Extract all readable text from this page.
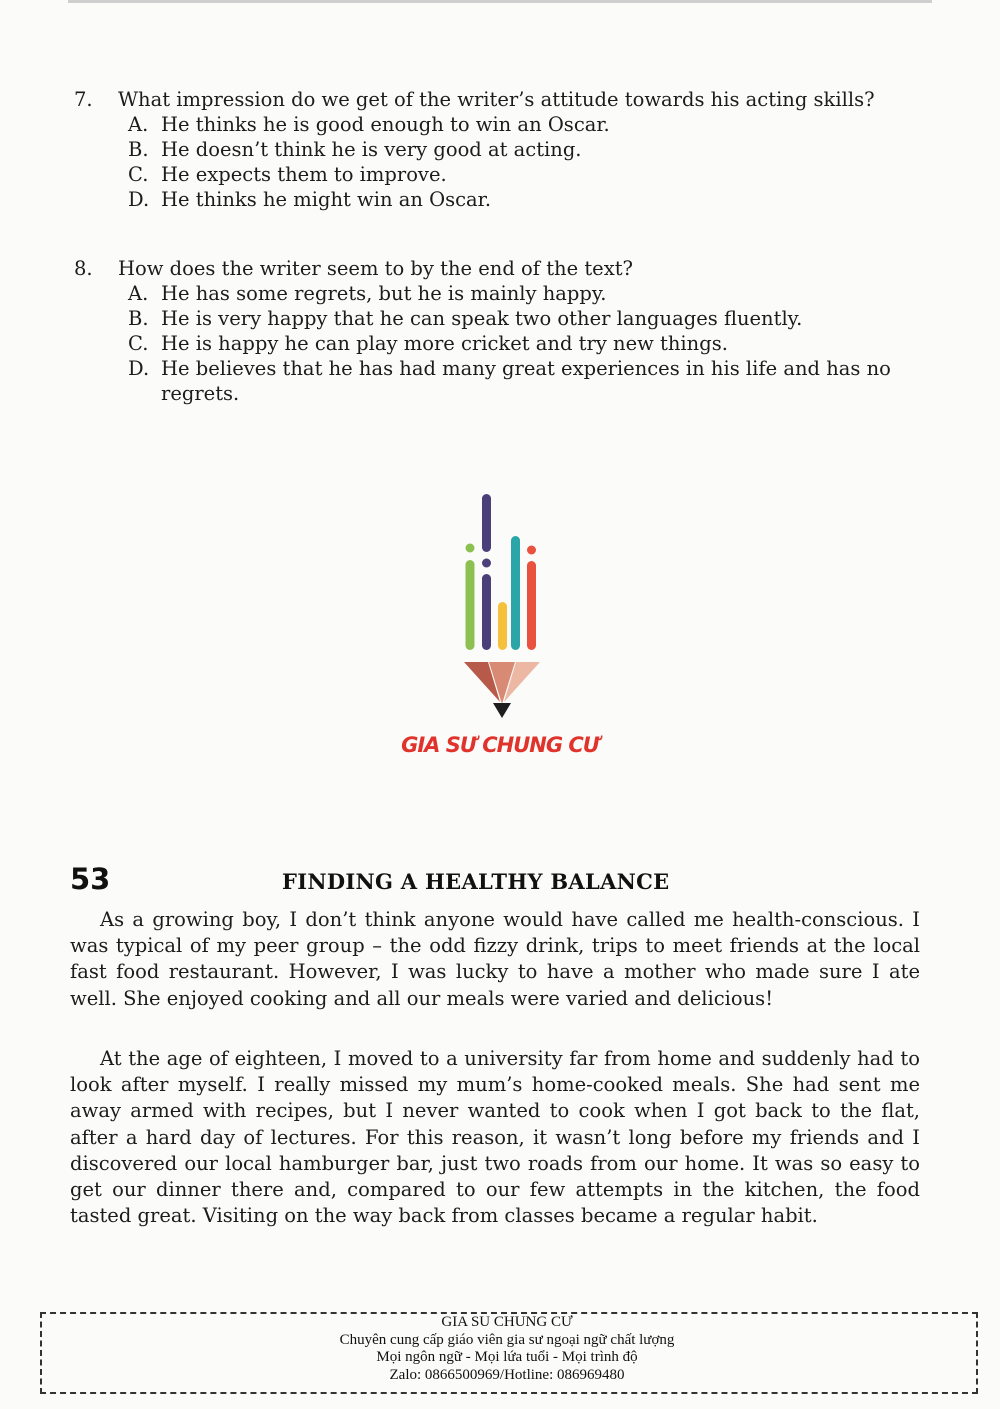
7. What impression do we get of the writer’s attitude towards his acting skills?
A. He thinks he is good enough to win an Oscar.
B. He doesn’t think he is very good at acting.
C. He expects them to improve.
D. He thinks he might win an Oscar.
8. How does the writer seem to by the end of the text?
A. He has some regrets, but he is mainly happy.
B. He is very happy that he can speak two other languages fluently.
C. He is happy he can play more cricket and try new things.
D. He believes that he has had many great experiences in his life and has no regrets.
GIA SƯ CHUNG CƯ
53	FINDING A HEALTHY BALANCE

As a growing boy, I don’t think anyone would have called me health-conscious. I was typical of my peer group – the odd fizzy drink, trips to meet friends at the local fast food restaurant. However, I was lucky to have a mother who made sure I ate well. She enjoyed cooking and all our meals were varied and delicious!

At the age of eighteen, I moved to a university far from home and suddenly had to look after myself. I really missed my mum’s home-cooked meals. She had sent me away armed with recipes, but I never wanted to cook when I got back to the flat, after a hard day of lectures. For this reason, it wasn’t long before my friends and I discovered our local hamburger bar, just two roads from our home. It was so easy to get our dinner there and, compared to our few attempts in the kitchen, the food tasted great. Visiting on the way back from classes became a regular habit.

GIA SU CHUNG CƯ
Chuyên cung cấp giáo viên gia sư ngoại ngữ chất lượng
Mọi ngôn ngữ - Mọi lứa tuổi - Mọi trình độ
Zalo: 0866500969/Hotline: 086969480
